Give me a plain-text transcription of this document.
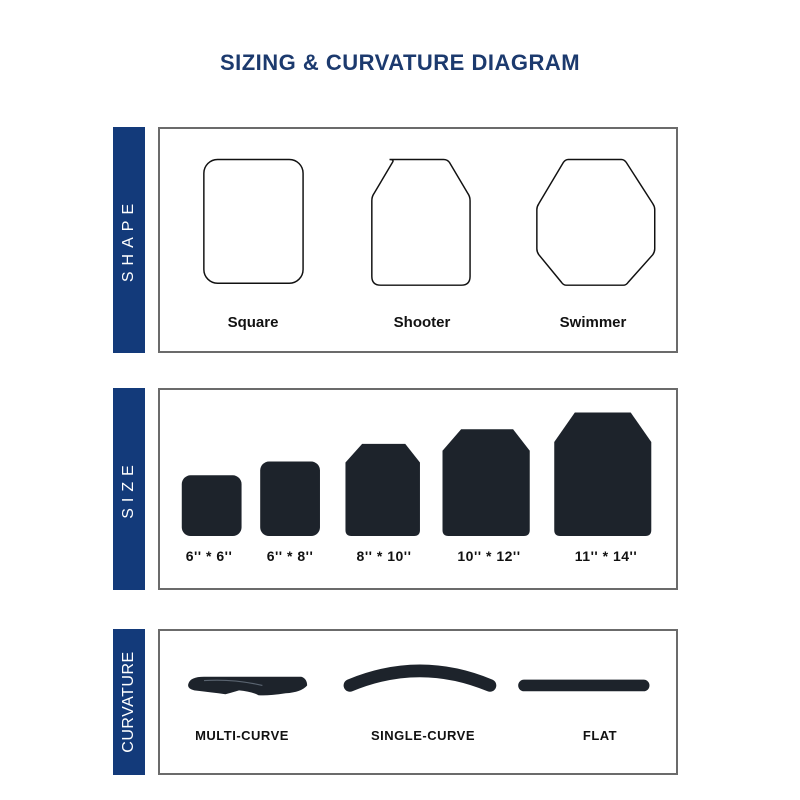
SIZING & CURVATURE DIAGRAM
SHAPE
Square	Shooter	Swimmer
SIZE
6'' * 6'' 6'' * 8''	8'' * 10''	10'' * 12''	11'' * 14''
CURVATURE	MULTI-CURVE	SINGLE-CURVE	FLAT
